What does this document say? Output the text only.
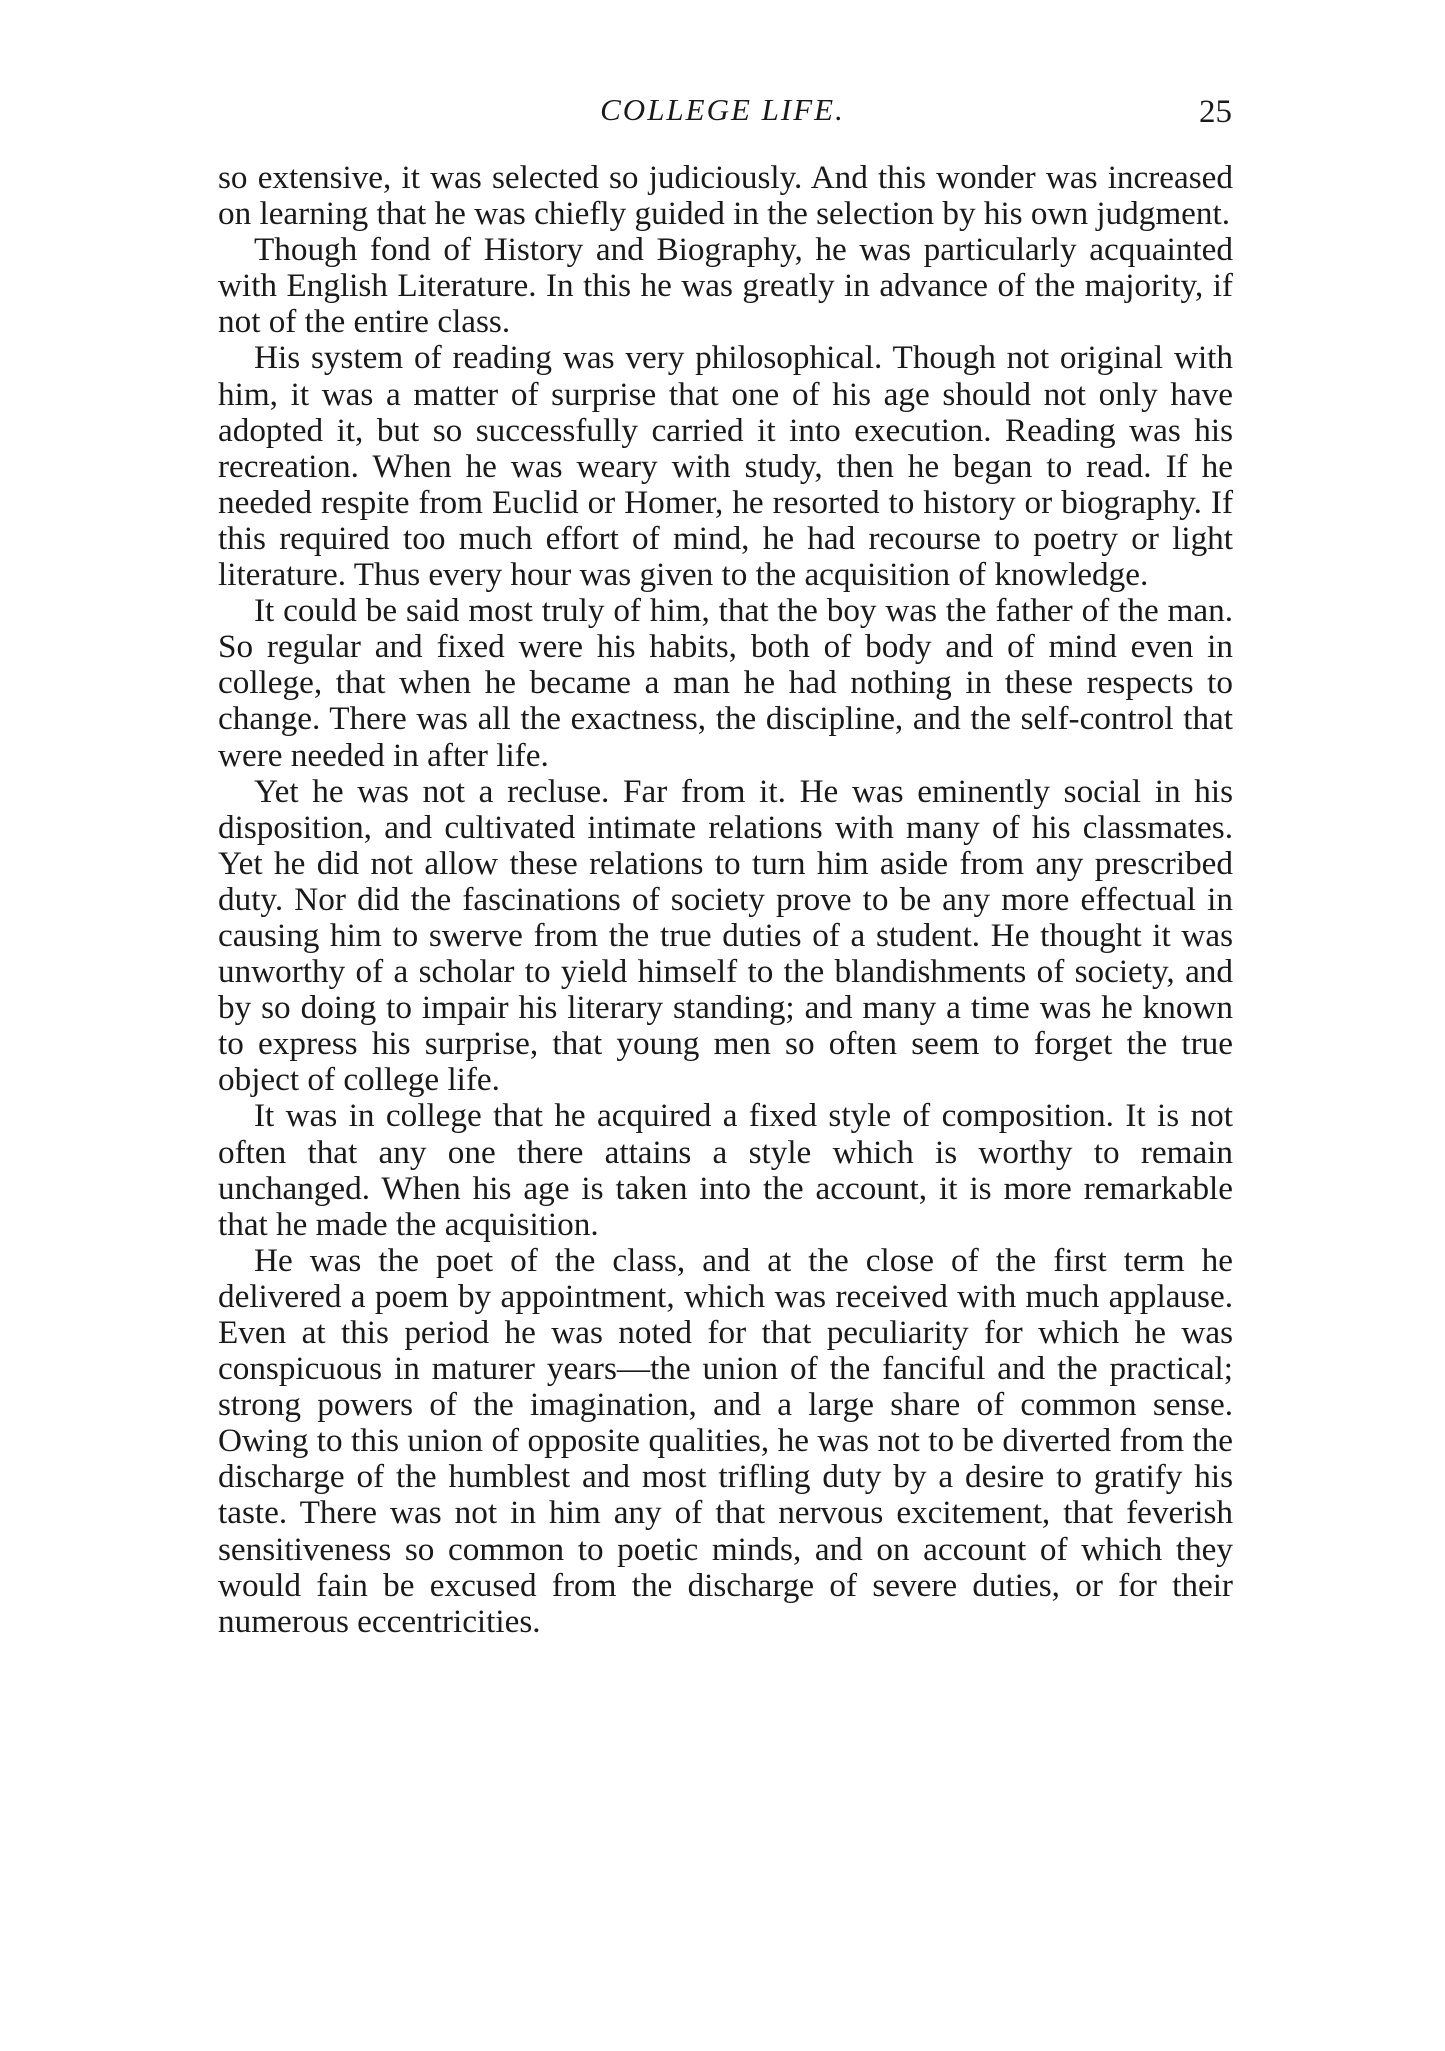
COLLEGE LIFE.	25

so extensive, it was selected so judiciously. And this wonder was increased on learning that he was chiefly guided in the selection by his own judgment.

Though fond of History and Biography, he was particularly acquainted with English Literature. In this he was greatly in advance of the majority, if not of the entire class.

His system of reading was very philosophical. Though not original with him, it was a matter of surprise that one of his age should not only have adopted it, but so successfully carried it into execution. Reading was his recreation. When he was weary with study, then he began to read. If he needed respite from Euclid or Homer, he resorted to history or biography. If this required too much effort of mind, he had recourse to poetry or light literature. Thus every hour was given to the acquisition of knowledge.

It could be said most truly of him, that the boy was the father of the man. So regular and fixed were his habits, both of body and of mind even in college, that when he became a man he had nothing in these respects to change. There was all the exactness, the discipline, and the self-control that were needed in after life.

Yet he was not a recluse. Far from it. He was eminently social in his disposition, and cultivated intimate relations with many of his classmates. Yet he did not allow these relations to turn him aside from any prescribed duty. Nor did the fascinations of society prove to be any more effectual in causing him to swerve from the true duties of a student. He thought it was unworthy of a scholar to yield himself to the blandishments of society, and by so doing to impair his literary standing; and many a time was he known to express his surprise, that young men so often seem to forget the true object of college life.

It was in college that he acquired a fixed style of composition. It is not often that any one there attains a style which is worthy to remain unchanged. When his age is taken into the account, it is more remarkable that he made the acquisition.

He was the poet of the class, and at the close of the first term he delivered a poem by appointment, which was received with much applause. Even at this period he was noted for that peculiarity for which he was conspicuous in maturer years—the union of the fanciful and the practical; strong powers of the imagination, and a large share of common sense. Owing to this union of opposite qualities, he was not to be diverted from the discharge of the humblest and most trifling duty by a desire to gratify his taste. There was not in him any of that nervous excitement, that feverish sensitiveness so common to poetic minds, and on account of which they would fain be excused from the discharge of severe duties, or for their numerous eccentricities.
